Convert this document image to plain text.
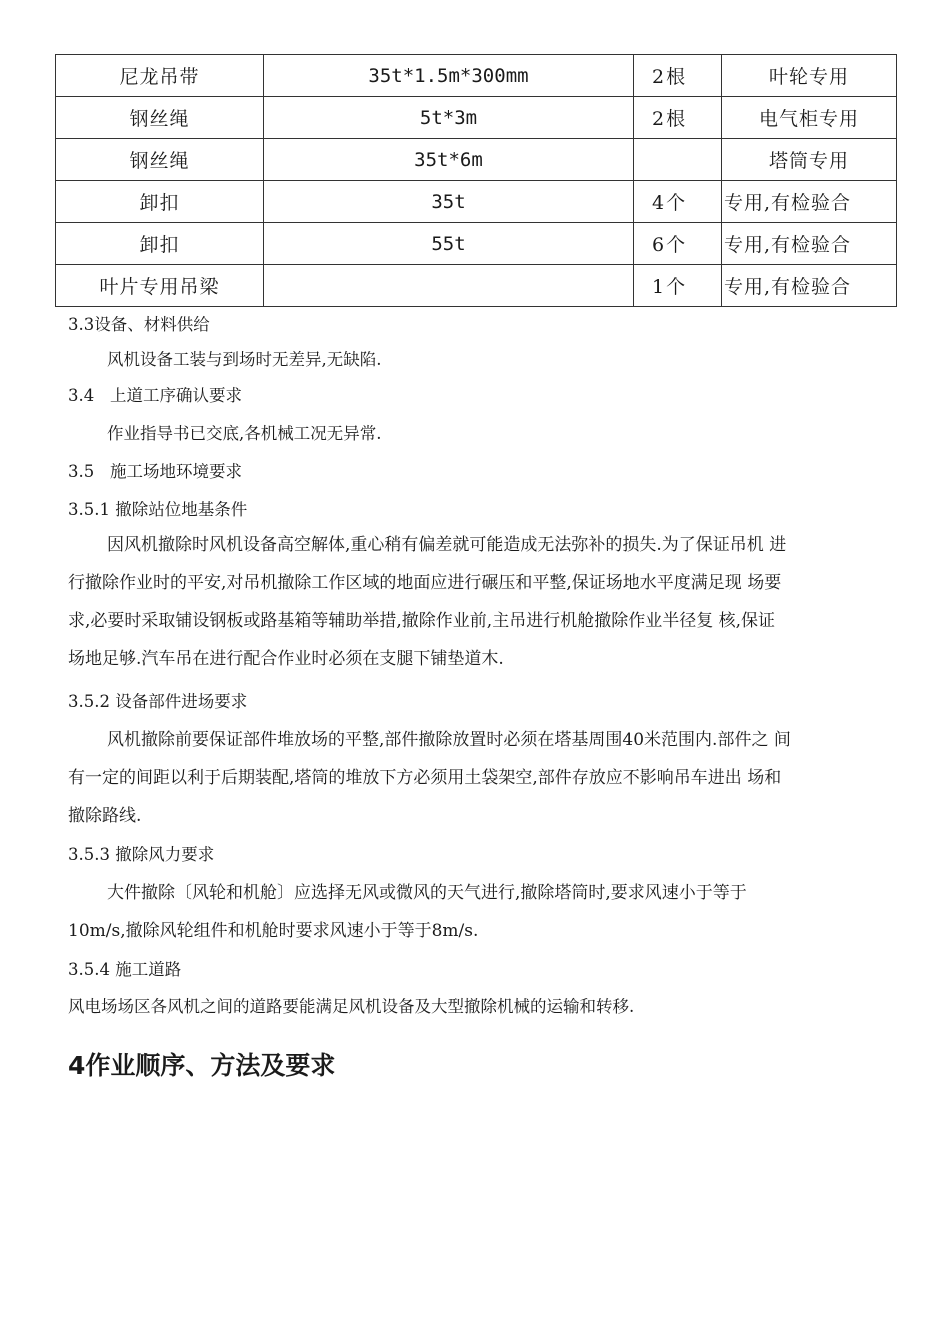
尼龙吊带	35t*1.5m*300mm	2根	叶轮专用
钢丝绳	5t*3m	2根	电气柜专用
钢丝绳	35t*6m		塔筒专用
卸扣	35t	4个	专用,有检验合
卸扣	55t	6个	专用,有检验合
叶片专用吊梁		1个	专用,有检验合
3.3设备、材料供给
风机设备工装与到场时无差异,无缺陷.
3.4   上道工序确认要求
作业指导书已交底,各机械工况无异常.
3.5   施工场地环境要求
3.5.1 撤除站位地基条件
因风机撤除时风机设备高空解体,重心稍有偏差就可能造成无法弥补的损失.为了保证吊机 进
行撤除作业时的平安,对吊机撤除工作区域的地面应进行碾压和平整,保证场地水平度满足现 场要
求,必要时采取铺设钢板或路基箱等辅助举措,撤除作业前,主吊进行机舱撤除作业半径复 核,保证
场地足够.汽车吊在进行配合作业时必须在支腿下铺垫道木.
3.5.2 设备部件进场要求
风机撤除前要保证部件堆放场的平整,部件撤除放置时必须在塔基周围40米范围内.部件之 间
有一定的间距以利于后期装配,塔筒的堆放下方必须用土袋架空,部件存放应不影响吊车进出 场和
撤除路线.
3.5.3 撤除风力要求
大件撤除〔风轮和机舱〕应选择无风或微风的天气进行,撤除塔筒时,要求风速小于等于
10m/s,撤除风轮组件和机舱时要求风速小于等于8m/s.
3.5.4 施工道路
风电场场区各风机之间的道路要能满足风机设备及大型撤除机械的运输和转移.
4作业顺序、方法及要求
